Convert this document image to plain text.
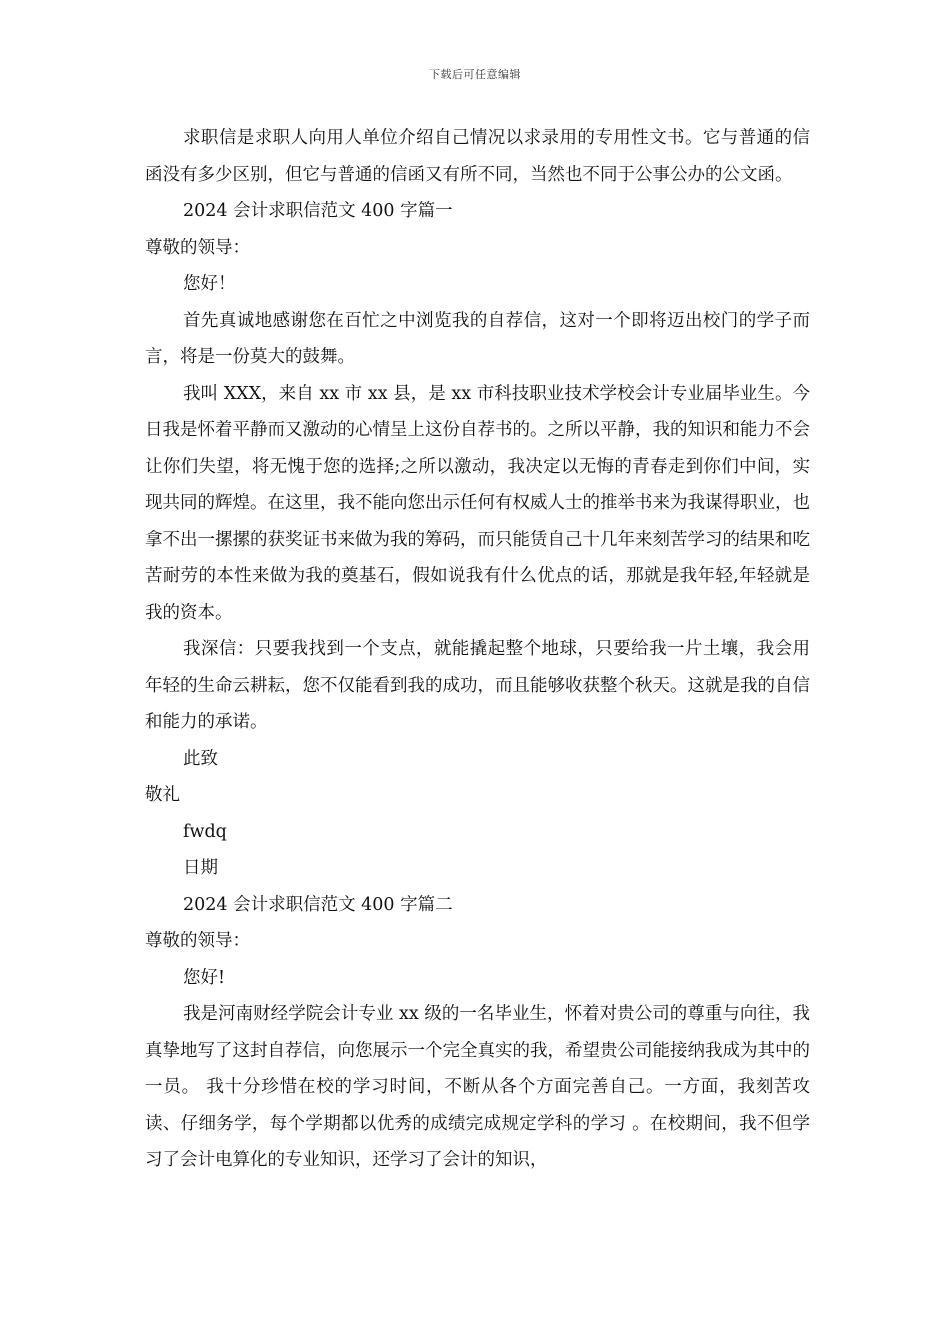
下载后可任意编辑

求职信是求职人向用人单位介绍自己情况以求录用的专用性文书。它与普通的信函没有多少区别，但它与普通的信函又有所不同，当然也不同于公事公办的公文函。

2024 会计求职信范文 400 字篇一

尊敬的领导：

您好！

首先真诚地感谢您在百忙之中浏览我的自荐信，这对一个即将迈出校门的学子而言，将是一份莫大的鼓舞。

我叫 XXX，来自 xx 市 xx 县，是 xx 市科技职业技术学校会计专业届毕业生。今日我是怀着平静而又激动的心情呈上这份自荐书的。之所以平静，我的知识和能力不会让你们失望，将无愧于您的选择;之所以激动，我决定以无悔的青春走到你们中间，实现共同的辉煌。在这里，我不能向您出示任何有权威人士的推举书来为我谋得职业，也拿不出一摞摞的获奖证书来做为我的筹码，而只能赁自己十几年来刻苦学习的结果和吃苦耐劳的本性来做为我的奠基石，假如说我有什么优点的话，那就是我年轻,年轻就是我的资本。

我深信：只要我找到一个支点，就能撬起整个地球，只要给我一片土壤，我会用年轻的生命云耕耘，您不仅能看到我的成功，而且能够收获整个秋天。这就是我的自信和能力的承诺。

此致

敬礼

fwdq

日期

2024 会计求职信范文 400 字篇二

尊敬的领导：

您好!

我是河南财经学院会计专业 xx 级的一名毕业生，怀着对贵公司的尊重与向往，我真挚地写了这封自荐信，向您展示一个完全真实的我，希望贵公司能接纳我成为其中的一员。 我十分珍惜在校的学习时间，不断从各个方面完善自己。一方面，我刻苦攻读、仔细务学，每个学期都以优秀的成绩完成规定学科的学习 。在校期间，我不但学习了会计电算化的专业知识，还学习了会计的知识，
